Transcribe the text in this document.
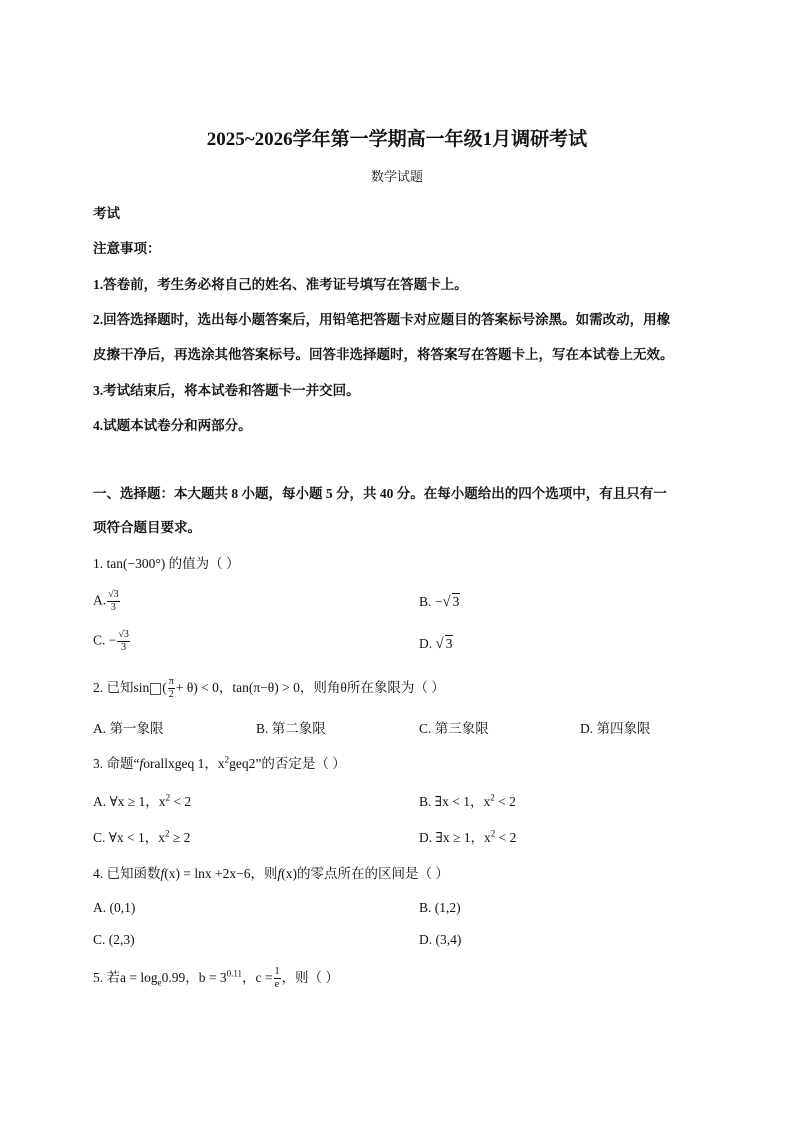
2025~2026学年第一学期高一年级1月调研考试
数学试题
考试
注意事项：
1.答卷前，考生务必将自己的姓名、准考证号填写在答题卡上。
2.回答选择题时，选出每小题答案后，用铅笔把答题卡对应题目的答案标号涂黑。如需改动，用橡
皮擦干净后，再选涂其他答案标号。回答非选择题时，将答案写在答题卡上，写在本试卷上无效。
3.考试结束后，将本试卷和答题卡一并交回。
4.试题本试卷分和两部分。
一、选择题：本大题共 8 小题，每小题 5 分，共 40 分。在每小题给出的四个选项中，有且只有一
项符合题目要求。
1. tan(−300°) 的值为（ ）
A. $\frac{√3}{3}$	B. −√ 3
C. − $\frac{√3}{3}$	D. √ 3
2. 已知sin ( $\frac{\pi}{2} + \theta) < 0$，tan(π−θ) > 0，则角θ所在象限为（ ）
A. 第一象限	B. 第二象限	C. 第三象限	D. 第四象限
3. 命题“forallxgeq 1，$x^2geq2$”的否定是（ ）
A. ∀x ≥ 1，$x^2 < 2$	B. ∃x < 1，$x^2 < 2$
C. ∀x < 1，$x^2 \ge 2$	D. ∃x ≥ 1，$x^2 < 2$
4. 已知函数f(x) = lnx +2x−6，则f(x)的零点所在的区间是（ ）
A. (0,1)	B. (1,2)
C. (2,3)	D. (3,4)
5. 若$a = \log_e0.99$，$b = 3^{0.11}$，$c = \frac{1}{e}$ ，则（ ）
